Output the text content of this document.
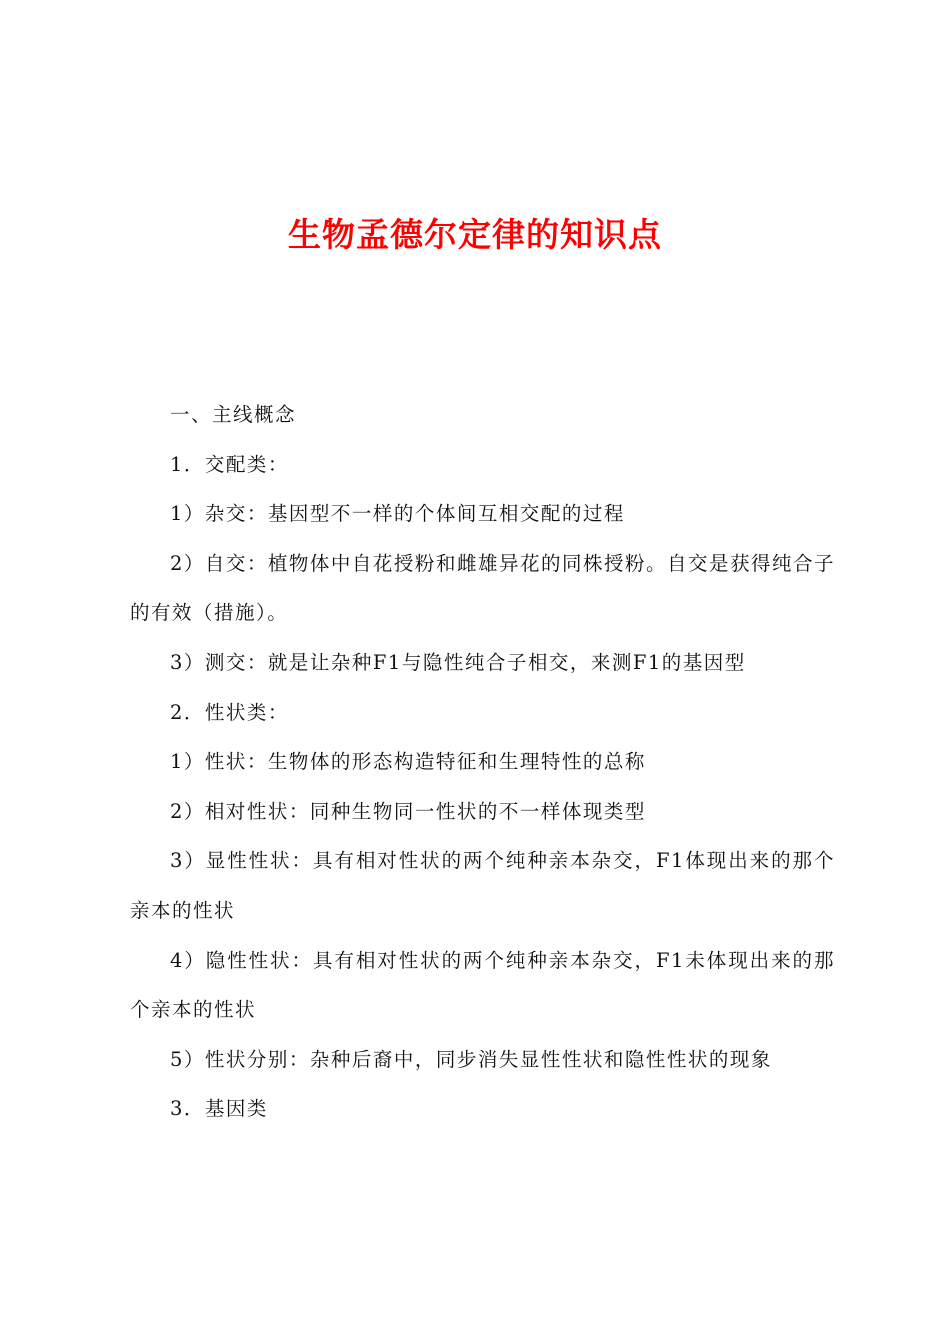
生物孟德尔定律的知识点

一、主线概念

1．交配类：

1）杂交：基因型不一样的个体间互相交配的过程

2）自交：植物体中自花授粉和雌雄异花的同株授粉。自交是获得纯合子的有效（措施）。

3）测交：就是让杂种F1与隐性纯合子相交，来测F1的基因型

2．性状类：

1）性状：生物体的形态构造特征和生理特性的总称

2）相对性状：同种生物同一性状的不一样体现类型

3）显性性状：具有相对性状的两个纯种亲本杂交，F1体现出来的那个亲本的性状

4）隐性性状：具有相对性状的两个纯种亲本杂交，F1未体现出来的那个亲本的性状

5）性状分别：杂种后裔中，同步消失显性性状和隐性性状的现象

3．基因类
